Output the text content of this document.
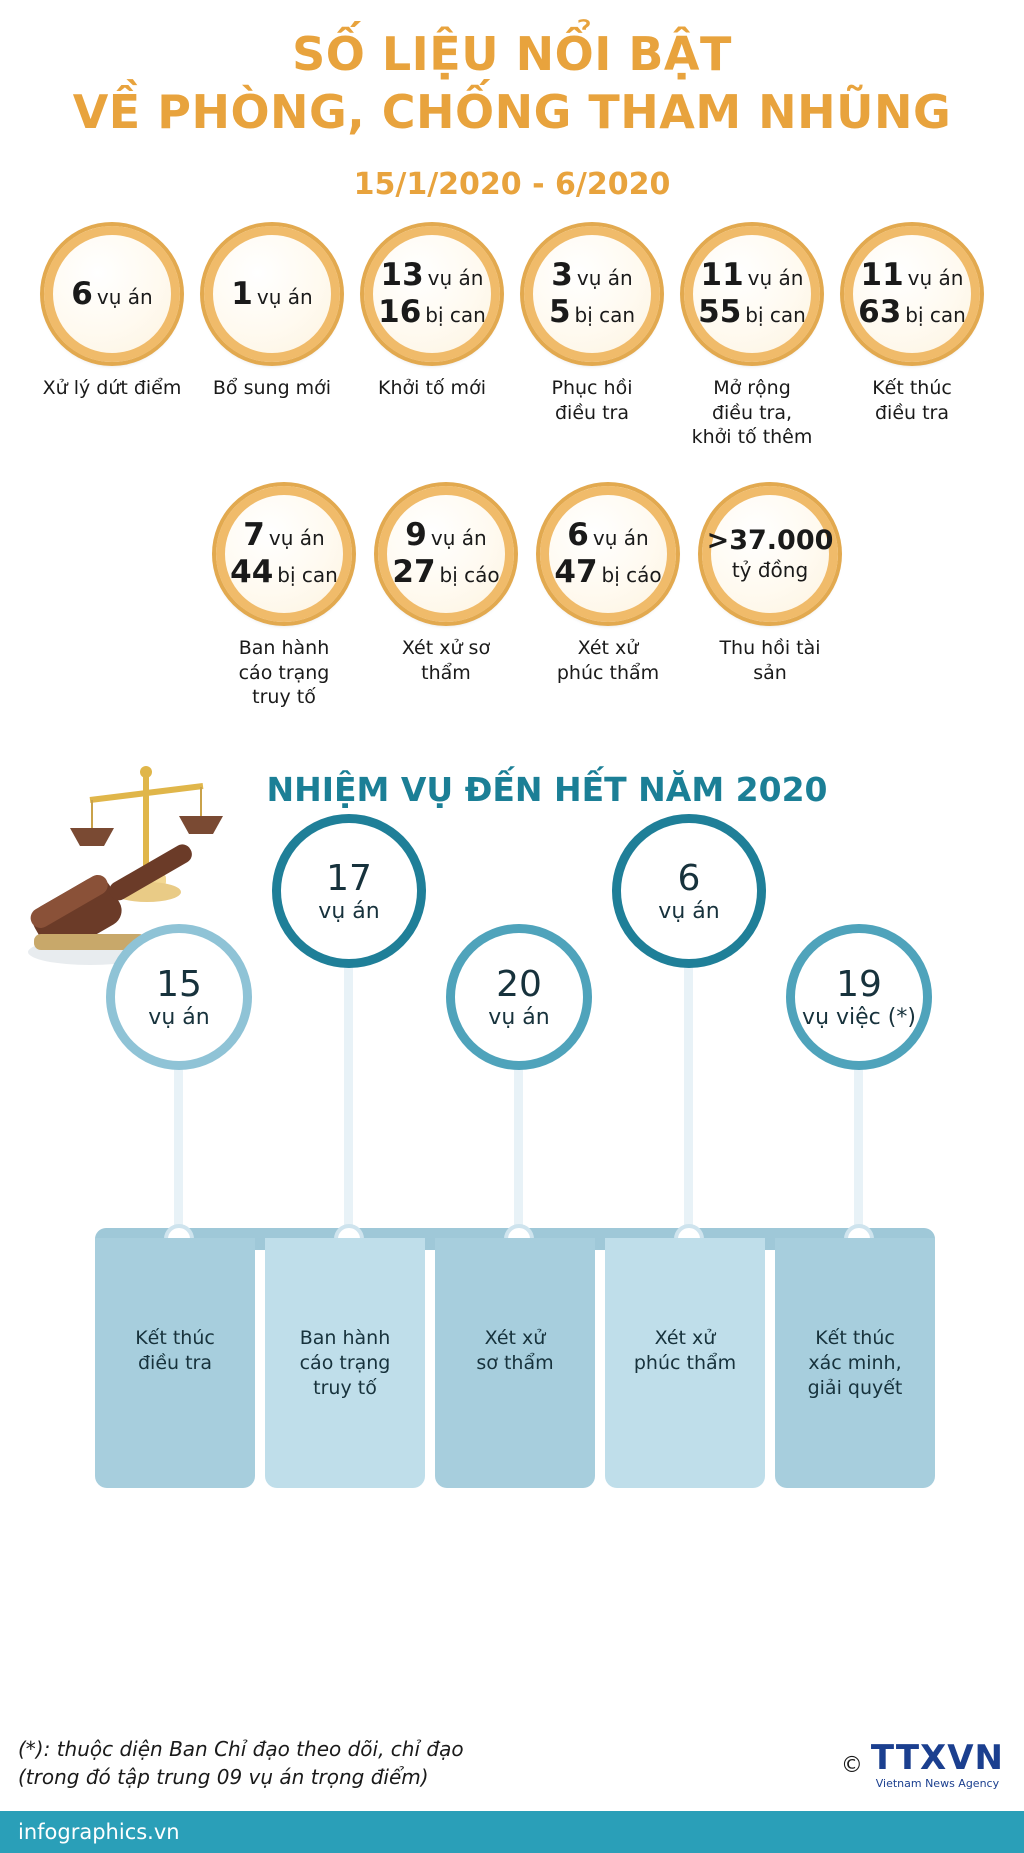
SỐ LIỆU NỔI BẬT
VỀ PHÒNG, CHỐNG THAM NHŨNG
15/1/2020 - 6/2020
6 vụ án
Xử lý dứt điểm
1 vụ án
Bổ sung mới
13 vụ án
16 bị can
Khởi tố mới
3 vụ án
5 bị can
Phục hồi
điều tra
11 vụ án
55 bị can
Mở rộng
điều tra,
khởi tố thêm
11 vụ án
63 bị can
Kết thúc
điều tra
7 vụ án
44 bị can
Ban hành
cáo trạng
truy tố
9 vụ án
27 bị cáo
Xét xử sơ thẩm
6 vụ án
47 bị cáo
Xét xử
phúc thẩm
>37.000
tỷ đồng
Thu hồi tài sản
NHIỆM VỤ ĐẾN HẾT NĂM 2020
15
vụ án
17
vụ án
20
vụ án
6
vụ án
19
vụ việc (*)
Kết thúc
điều tra
Ban hành
cáo trạng
truy tố
Xét xử
sơ thẩm
Xét xử
phúc thẩm
Kết thúc
xác minh,
giải quyết
(*): thuộc diện Ban Chỉ đạo theo dõi, chỉ đạo
(trong đó tập trung 09 vụ án trọng điểm)	© TTXVN
Vietnam News Agency
infographics.vn
